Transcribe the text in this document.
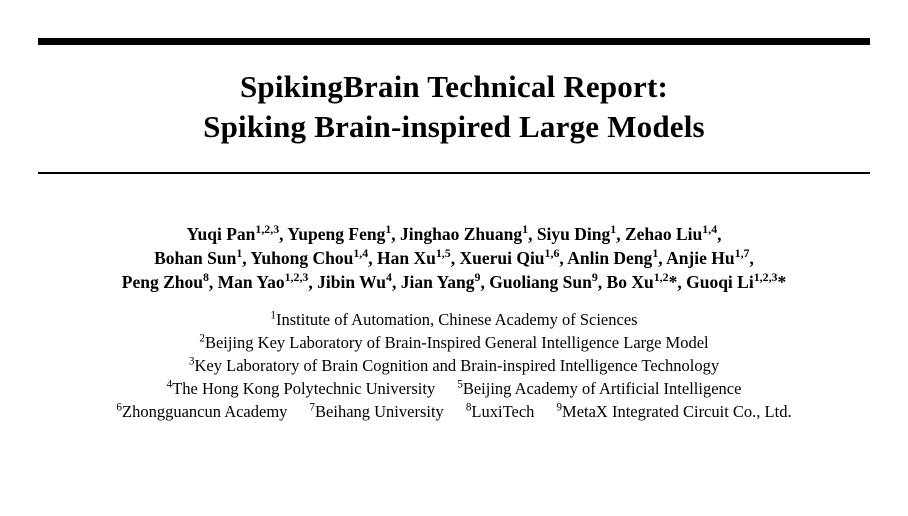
SpikingBrain Technical Report:
Spiking Brain-inspired Large Models
Yuqi Pan$^{1,2,3}$, Yupeng Feng$^1$, Jinghao Zhuang$^1$, Siyu Ding$^1$, Zehao Liu$^{1,4}$,
Bohan Sun$^1$, Yuhong Chou$^{1,4}$, Han Xu$^{1,5}$, Xuerui Qiu$^{1,6}$, Anlin Deng$^1$, Anjie Hu$^{1,7}$,
Peng Zhou$^8$, Man Yao$^{1,2,3}$, Jibin Wu$^4$, Jian Yang$^9$, Guoliang Sun$^9$, Bo Xu$^{1,2}$*, Guoqi Li$^{1,2,3}$*
$^1$Institute of Automation, Chinese Academy of Sciences
$^2$Beijing Key Laboratory of Brain-Inspired General Intelligence Large Model
$^3$Key Laboratory of Brain Cognition and Brain-inspired Intelligence Technology
$^4$The Hong Kong Polytechnic University $^5$Beijing Academy of Artificial Intelligence
$^6$Zhongguancun Academy $^7$Beihang University $^8$LuxiTech $^9$MetaX Integrated Circuit Co., Ltd.
